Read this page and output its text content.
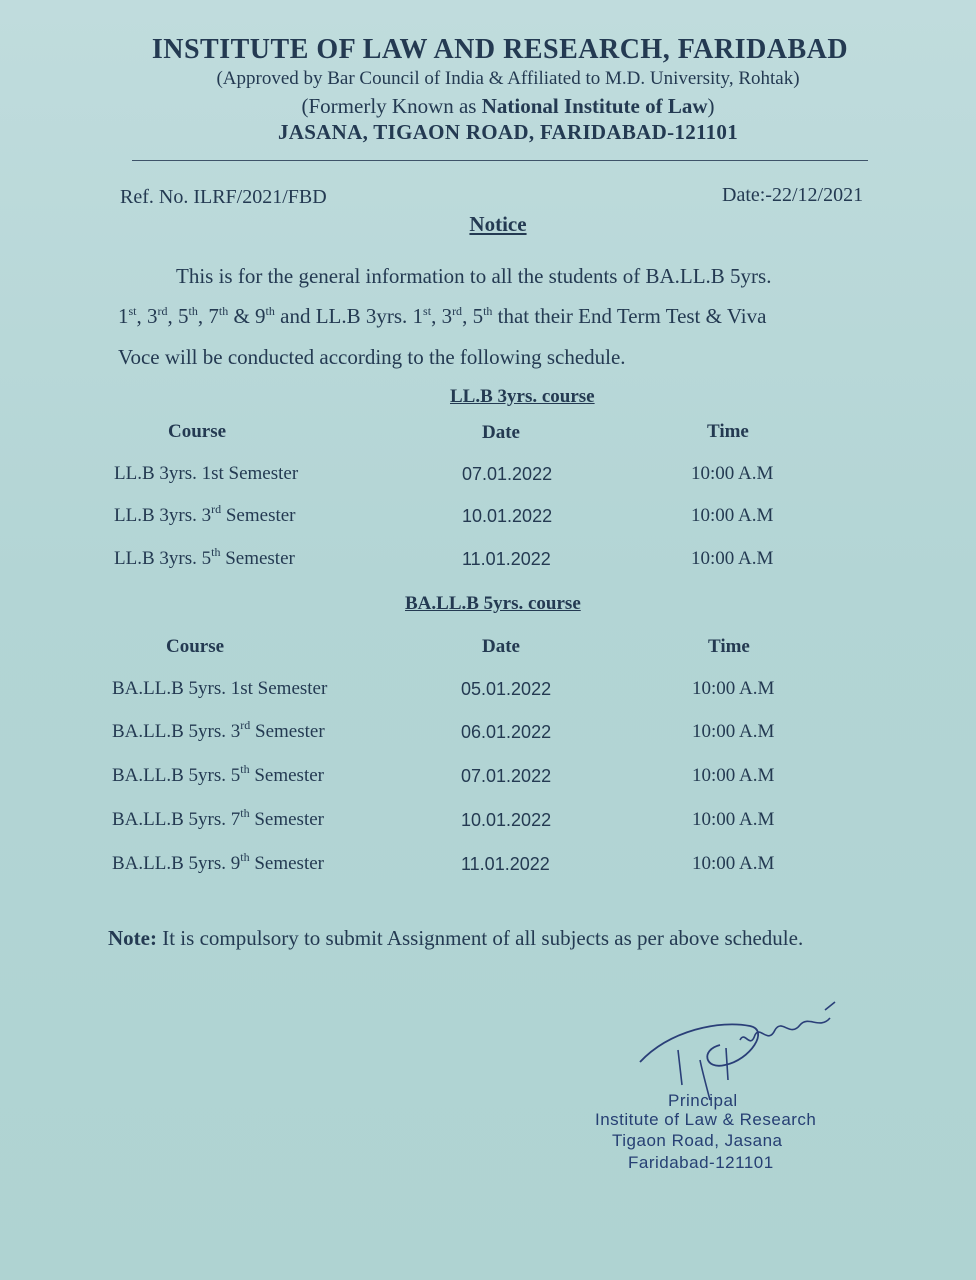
INSTITUTE OF LAW AND RESEARCH, FARIDABAD
(Approved by Bar Council of India & Affiliated to M.D. University, Rohtak)
(Formerly Known as National Institute of Law)
JASANA, TIGAON ROAD, FARIDABAD-121101
Ref. No. ILRF/2021/FBD	Date:-22/12/2021
Notice
This is for the general information to all the students of BA.LL.B 5yrs.
1st, 3rd, 5th, 7th & 9th and LL.B 3yrs. 1st, 3rd, 5th that their End Term Test & Viva
Voce will be conducted according to the following schedule.
LL.B 3yrs. course
Course	Date	Time
LL.B 3yrs. 1st Semester	07.01.2022	10:00 A.M
LL.B 3yrs. 3rd Semester	10.01.2022	10:00 A.M
LL.B 3yrs. 5th Semester	11.01.2022	10:00 A.M
BA.LL.B 5yrs. course
Course	Date	Time
BA.LL.B 5yrs. 1st Semester	05.01.2022	10:00 A.M
BA.LL.B 5yrs. 3rd Semester	06.01.2022	10:00 A.M
BA.LL.B 5yrs. 5th Semester	07.01.2022	10:00 A.M
BA.LL.B 5yrs. 7th Semester	10.01.2022	10:00 A.M
BA.LL.B 5yrs. 9th Semester	11.01.2022	10:00 A.M
Note: It is compulsory to submit Assignment of all subjects as per above schedule.
Principal
Institute of Law & Research
Tigaon Road, Jasana
Faridabad-121101
